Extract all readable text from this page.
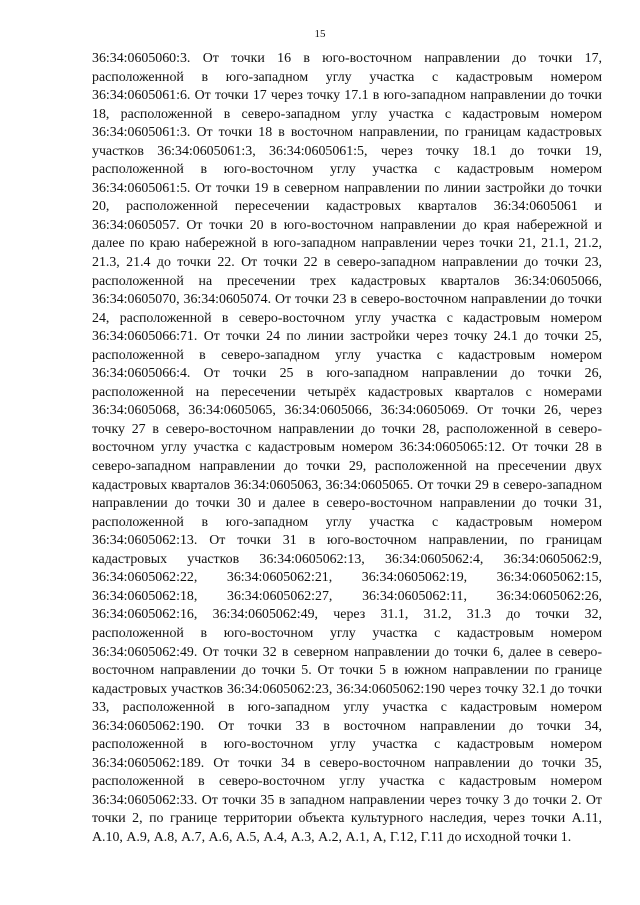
15

36:34:0605060:3. От точки 16 в юго-восточном направлении до точки 17, расположенной в юго-западном углу участка с кадастровым номером 36:34:0605061:6. От точки 17 через точку 17.1 в юго-западном направлении до точки 18, расположенной в северо-западном углу участка с кадастровым номером 36:34:0605061:3. От точки 18 в восточном направлении, по границам кадастровых участков 36:34:0605061:3, 36:34:0605061:5, через точку 18.1 до точки 19, расположенной в юго-восточном углу участка с кадастровым номером 36:34:0605061:5. От точки 19 в северном направлении по линии застройки до точки 20, расположенной пересечении кадастровых кварталов 36:34:0605061 и 36:34:0605057. От точки 20 в юго-восточном направлении до края набережной и далее по краю набережной в юго-западном направлении через точки 21, 21.1, 21.2, 21.3, 21.4 до точки 22. От точки 22 в северо-западном направлении до точки 23, расположенной на пресечении трех кадастровых кварталов 36:34:0605066, 36:34:0605070, 36:34:0605074. От точки 23 в северо-восточном направлении до точки 24, расположенной в северо-восточном углу участка с кадастровым номером 36:34:0605066:71. От точки 24 по линии застройки через точку 24.1 до точки 25, расположенной в северо-западном углу участка с кадастровым номером 36:34:0605066:4. От точки 25 в юго-западном направлении до точки 26, расположенной на пересечении четырёх кадастровых кварталов с номерами 36:34:0605068, 36:34:0605065, 36:34:0605066, 36:34:0605069. От точки 26, через точку 27 в северо-восточном направлении до точки 28, расположенной в северо-восточном углу участка с кадастровым номером 36:34:0605065:12. От точки 28 в северо-западном направлении до точки 29, расположенной на пресечении двух кадастровых кварталов 36:34:0605063, 36:34:0605065. От точки 29 в северо-западном направлении до точки 30 и далее в северо-восточном направлении до точки 31, расположенной в юго-западном углу участка с кадастровым номером 36:34:0605062:13. От точки 31 в юго-восточном направлении, по границам кадастровых участков 36:34:0605062:13, 36:34:0605062:4, 36:34:0605062:9, 36:34:0605062:22, 36:34:0605062:21, 36:34:0605062:19, 36:34:0605062:15, 36:34:0605062:18, 36:34:0605062:27, 36:34:0605062:11, 36:34:0605062:26, 36:34:0605062:16, 36:34:0605062:49, через 31.1, 31.2, 31.3 до точки 32, расположенной в юго-восточном углу участка с кадастровым номером 36:34:0605062:49. От точки 32 в северном направлении до точки 6, далее в северо-восточном направлении до точки 5. От точки 5 в южном направлении по границе кадастровых участков 36:34:0605062:23, 36:34:0605062:190 через точку 32.1 до точки 33, расположенной в юго-западном углу участка с кадастровым номером 36:34:0605062:190. От точки 33 в восточном направлении до точки 34, расположенной в юго-восточном углу участка с кадастровым номером 36:34:0605062:189. От точки 34 в северо-восточном направлении до точки 35, расположенной в северо-восточном углу участка с кадастровым номером 36:34:0605062:33. От точки 35 в западном направлении через точку 3 до точки 2. От точки 2, по границе территории объекта культурного наследия, через точки А.11, А.10, А.9, А.8, А.7, А.6, А.5, А.4, А.3, А.2, А.1, А, Г.12, Г.11 до исходной точки 1.
